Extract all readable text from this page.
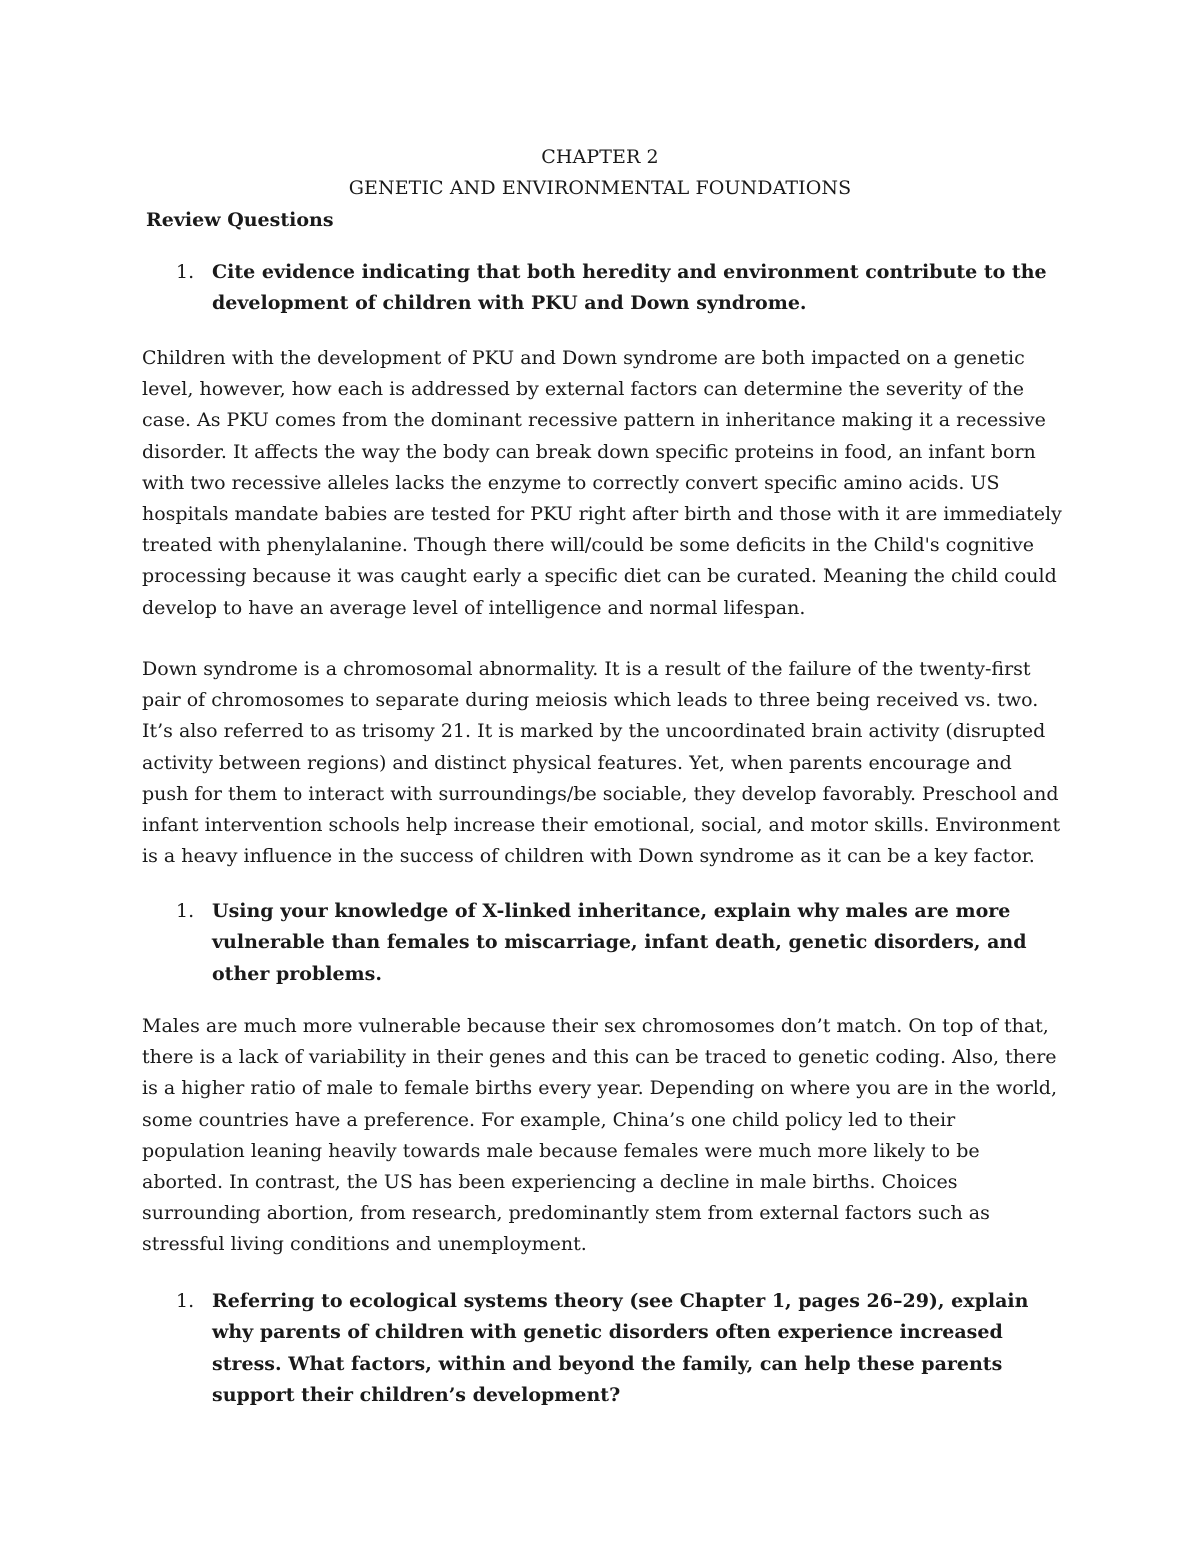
CHAPTER 2
GENETIC AND ENVIRONMENTAL FOUNDATIONS
Review Questions
1. Cite evidence indicating that both heredity and environment contribute to the development of children with PKU and Down syndrome.
Children with the development of PKU and Down syndrome are both impacted on a genetic level, however, how each is addressed by external factors can determine the severity of the case. As PKU comes from the dominant recessive pattern in inheritance making it a recessive disorder. It affects the way the body can break down specific proteins in food, an infant born with two recessive alleles lacks the enzyme to correctly convert specific amino acids. US hospitals mandate babies are tested for PKU right after birth and those with it are immediately treated with phenylalanine. Though there will/could be some deficits in the Child's cognitive processing because it was caught early a specific diet can be curated. Meaning the child could develop to have an average level of intelligence and normal lifespan.
Down syndrome is a chromosomal abnormality. It is a result of the failure of the twenty-first pair of chromosomes to separate during meiosis which leads to three being received vs. two. It’s also referred to as trisomy 21. It is marked by the uncoordinated brain activity (disrupted activity between regions) and distinct physical features. Yet, when parents encourage and push for them to interact with surroundings/be sociable, they develop favorably. Preschool and infant intervention schools help increase their emotional, social, and motor skills. Environment is a heavy influence in the success of children with Down syndrome as it can be a key factor.
1. Using your knowledge of X-linked inheritance, explain why males are more vulnerable than females to miscarriage, infant death, genetic disorders, and other problems.
Males are much more vulnerable because their sex chromosomes don’t match. On top of that, there is a lack of variability in their genes and this can be traced to genetic coding. Also, there is a higher ratio of male to female births every year. Depending on where you are in the world, some countries have a preference. For example, China’s one child policy led to their population leaning heavily towards male because females were much more likely to be aborted. In contrast, the US has been experiencing a decline in male births. Choices surrounding abortion, from research, predominantly stem from external factors such as stressful living conditions and unemployment.
1. Referring to ecological systems theory (see Chapter 1, pages 26–29), explain why parents of children with genetic disorders often experience increased stress. What factors, within and beyond the family, can help these parents support their children’s development?
